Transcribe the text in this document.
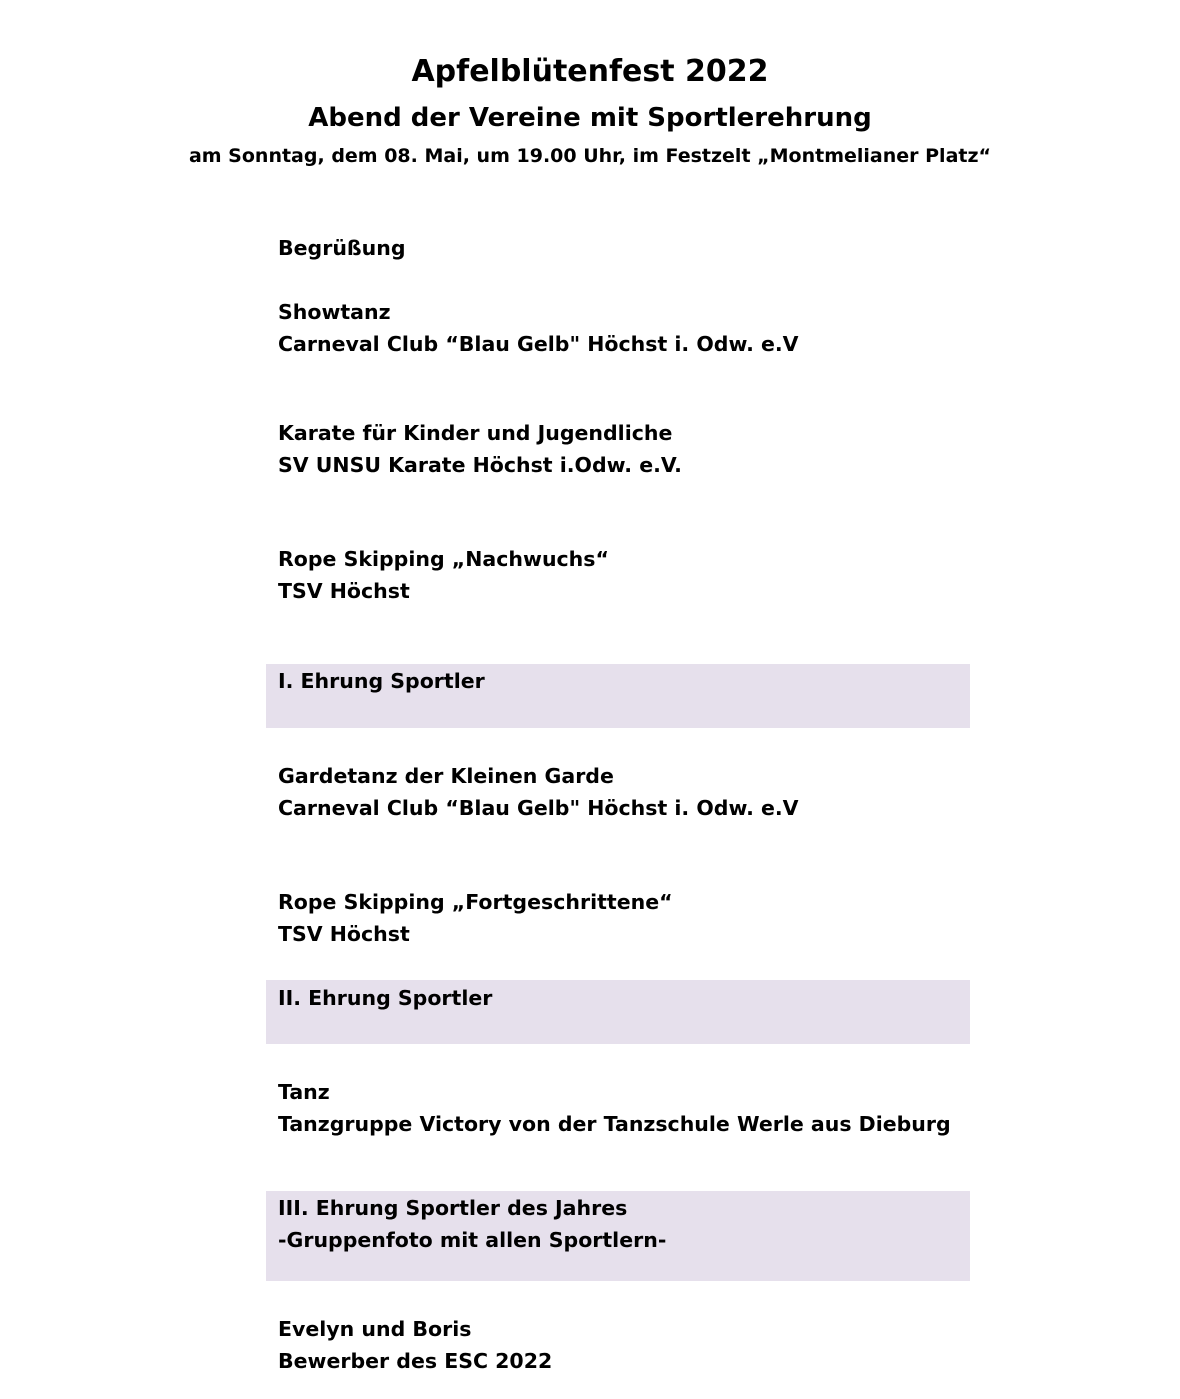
Apfelblütenfest 2022
Abend der Vereine mit Sportlerehrung
am Sonntag, dem 08. Mai, um 19.00 Uhr, im Festzelt „Montmelianer Platz“
Begrüßung
Showtanz
Carneval Club “Blau Gelb" Höchst i. Odw. e.V
Karate für Kinder und Jugendliche
SV UNSU Karate Höchst i.Odw. e.V.
Rope Skipping „Nachwuchs“
TSV Höchst
I. Ehrung Sportler
Gardetanz der Kleinen Garde
Carneval Club “Blau Gelb" Höchst i. Odw. e.V
Rope Skipping „Fortgeschrittene“
TSV Höchst
II. Ehrung Sportler
Tanz
Tanzgruppe Victory von der Tanzschule Werle aus Dieburg
III. Ehrung Sportler des Jahres
-Gruppenfoto mit allen Sportlern-
Evelyn und Boris
Bewerber des ESC 2022
